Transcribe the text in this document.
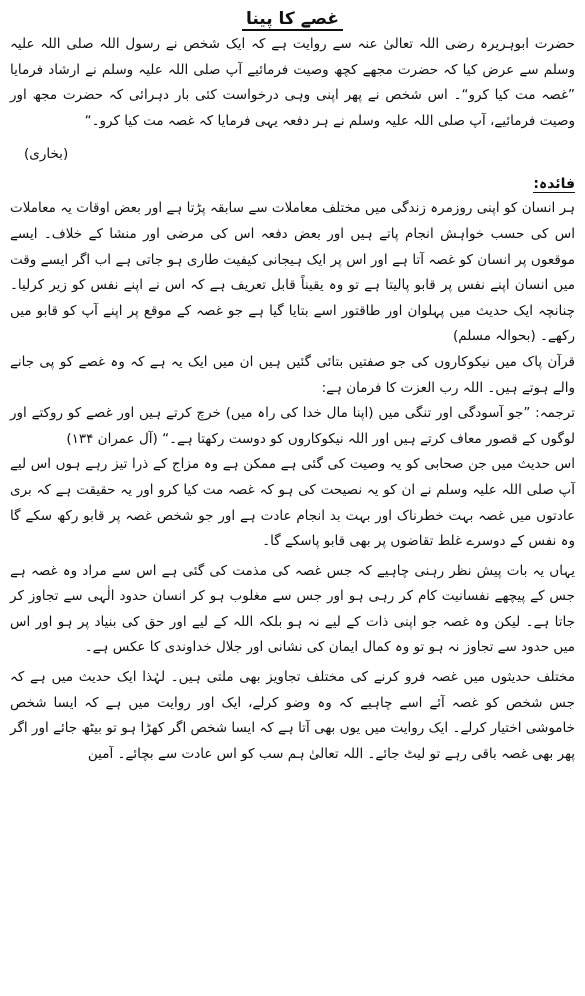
غصے کا پینا

حضرت ابوہریرہ رضی اللہ تعالیٰ عنہ سے روایت ہے کہ ایک شخص نے رسول اللہ صلی اللہ علیہ وسلم سے عرض کیا کہ حضرت مجھے کچھ وصیت فرمائیے آپ صلی اللہ علیہ وسلم نے ارشاد فرمایا ”غصہ مت کیا کرو“۔ اس شخص نے پھر اپنی وہی درخواست کئی بار دہرائی کہ حضرت مجھ اور وصیت فرمائیے، آپ صلی اللہ علیہ وسلم نے ہر دفعہ یہی فرمایا کہ غصہ مت کیا کرو۔“

(بخاری)
فائدہ:

ہر انسان کو اپنی روزمرہ زندگی میں مختلف معاملات سے سابقہ پڑتا ہے اور بعض اوقات یہ معاملات اس کی حسب خواہش انجام پاتے ہیں اور بعض دفعہ اس کی مرضی اور منشا کے خلاف۔ ایسے موقعوں پر انسان کو غصہ آتا ہے اور اس پر ایک ہیجانی کیفیت طاری ہو جاتی ہے اب اگر ایسے وقت میں انسان اپنے نفس پر قابو پالیتا ہے تو وہ یقیناً قابل تعریف ہے کہ اس نے اپنے نفس کو زیر کرلیا۔ چنانچہ ایک حدیث میں پہلوان اور طاقتور اسے بتایا گیا ہے جو غصہ کے موقع پر اپنے آپ کو قابو میں رکھے۔ (بحوالہ مسلم)

قرآن پاک میں نیکوکاروں کی جو صفتیں بتائی گئیں ہیں ان میں ایک یہ ہے کہ وہ غصے کو پی جانے والے ہوتے ہیں۔ اللہ رب العزت کا فرمان ہے:

ترجمہ: ”جو آسودگی اور تنگی میں (اپنا مال خدا کی راہ میں) خرچ کرتے ہیں اور غصے کو روکتے اور لوگوں کے قصور معاف کرتے ہیں اور اللہ نیکوکاروں کو دوست رکھتا ہے۔“ (آل عمران ۱۳۴)

اس حدیث میں جن صحابی کو یہ وصیت کی گئی ہے ممکن ہے وہ مزاج کے ذرا تیز رہے ہوں اس لیے آپ صلی اللہ علیہ وسلم نے ان کو یہ نصیحت کی ہو کہ غصہ مت کیا کرو اور یہ حقیقت ہے کہ بری عادتوں میں غصہ بہت خطرناک اور بہت بد انجام عادت ہے اور جو شخص غصہ پر قابو رکھ سکے گا وہ نفس کے دوسرے غلط تقاضوں پر بھی قابو پاسکے گا۔

یہاں یہ بات پیش نظر رہنی چاہیے کہ جس غصہ کی مذمت کی گئی ہے اس سے مراد وہ غصہ ہے جس کے پیچھے نفسانیت کام کر رہی ہو اور جس سے مغلوب ہو کر انسان حدود الٰہی سے تجاوز کر جاتا ہے۔ لیکن وہ غصہ جو اپنی ذات کے لیے نہ ہو بلکہ اللہ کے لیے اور حق کی بنیاد پر ہو اور اس میں حدود سے تجاوز نہ ہو تو وہ کمال ایمان کی نشانی اور جلال خداوندی کا عکس ہے۔

مختلف حدیثوں میں غصہ فرو کرنے کی مختلف تجاویز بھی ملتی ہیں۔ لہٰذا ایک حدیث میں ہے کہ جس شخص کو غصہ آئے اسے چاہیے کہ وہ وضو کرلے، ایک اور روایت میں ہے کہ ایسا شخص خاموشی اختیار کرلے۔ ایک روایت میں یوں بھی آتا ہے کہ ایسا شخص اگر کھڑا ہو تو بیٹھ جائے اور اگر پھر بھی غصہ باقی رہے تو لیٹ جائے۔ اللہ تعالیٰ ہم سب کو اس عادت سے بچائے۔ آمین
